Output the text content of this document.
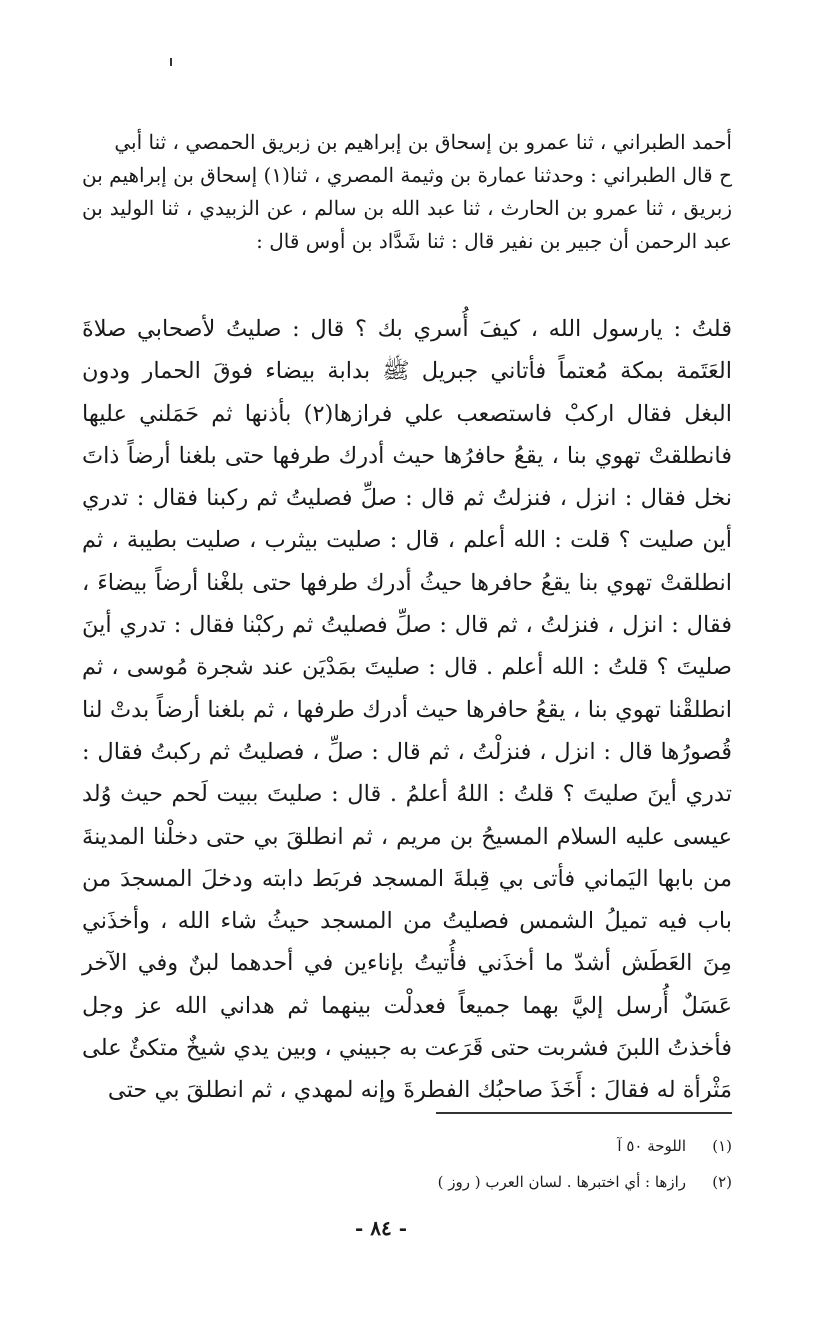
أحمد الطبراني ، ثنا عمرو بن إسحاق بن إبراهيم بن زبريق الحمصي ، ثنا أبي

ح قال الطبراني : وحدثنا عمارة بن وثيمة المصري ، ثنا(١) إسحاق بن إبراهيم بن زبريق ، ثنا عمرو بن الحارث ، ثنا عبد الله بن سالم ، عن الزبيدي ، ثنا الوليد بن عبد الرحمن أن جبير بن نفير قال : ثنا شَدَّاد بن أوس قال :

قلتُ : يارسول الله ، كيفَ أُسري بك ؟ قال : صليتُ لأصحابي صلاةَ العَتَمة بمكة مُعتماً فأتاني جبريل ﷺ بدابة بيضاء فوقَ الحمار ودون البغل فقال اركبْ فاستصعب علي فرازها(٢) بأذنها ثم حَمَلني عليها فانطلقتْ تهوي بنا ، يقعُ حافرُها حيث أدرك طرفها حتى بلغنا أرضاً ذاتَ نخل فقال : انزل ، فنزلتُ ثم قال : صلِّ فصليتُ ثم ركبنا فقال : تدري أين صليت ؟ قلت : الله أعلم ، قال : صليت بيثرب ، صليت بطيبة ، ثم انطلقتْ تهوي بنا يقعُ حافرها حيثُ أدرك طرفها حتى بلغْنا أرضاً بيضاءَ ، فقال : انزل ، فنزلتُ ، ثم قال : صلِّ فصليتُ ثم ركبْنا فقال : تدري أينَ صليتَ ؟ قلتُ : الله أعلم . قال : صليتَ بمَدْيَن عند شجرة مُوسى ، ثم انطلقْنا تهوي بنا ، يقعُ حافرها حيث أدرك طرفها ، ثم بلغنا أرضاً بدتْ لنا قُصورُها قال : انزل ، فنزلْتُ ، ثم قال : صلِّ ، فصليتُ ثم ركبتُ فقال : تدري أينَ صليتَ ؟ قلتُ : اللهُ أعلمُ . قال : صليتَ ببيت لَحم حيث وُلد عيسى عليه السلام المسيحُ بن مريم ، ثم انطلقَ بي حتى دخلْنا المدينةَ من بابها اليَماني فأتى بي قِبلةَ المسجد فربَط دابته ودخلَ المسجدَ من باب فيه تميلُ الشمس فصليتُ من المسجد حيثُ شاء الله ، وأخذَني مِنَ العَطَش أشدّ ما أخذَني فأُتيتُ بإناءين في أحدهما لبنٌ وفي الآخر عَسَلٌ أُرسل إليَّ بهما جميعاً فعدلْت بينهما ثم هداني الله عز وجل فأخذتُ اللبنَ فشربت حتى قَرَعت به جبيني ، وبين يدي شيخٌ متكئٌ على مَثْرأة له فقالَ : أَخَذَ صاحبُك الفطرةَ وإنه لمهدي ، ثم انطلقَ بي حتى
(١)
اللوحة ٥٠ آ
(٢)
رازها : أي اختبرها . لسان العرب ( روز )
- ٨٤ -
